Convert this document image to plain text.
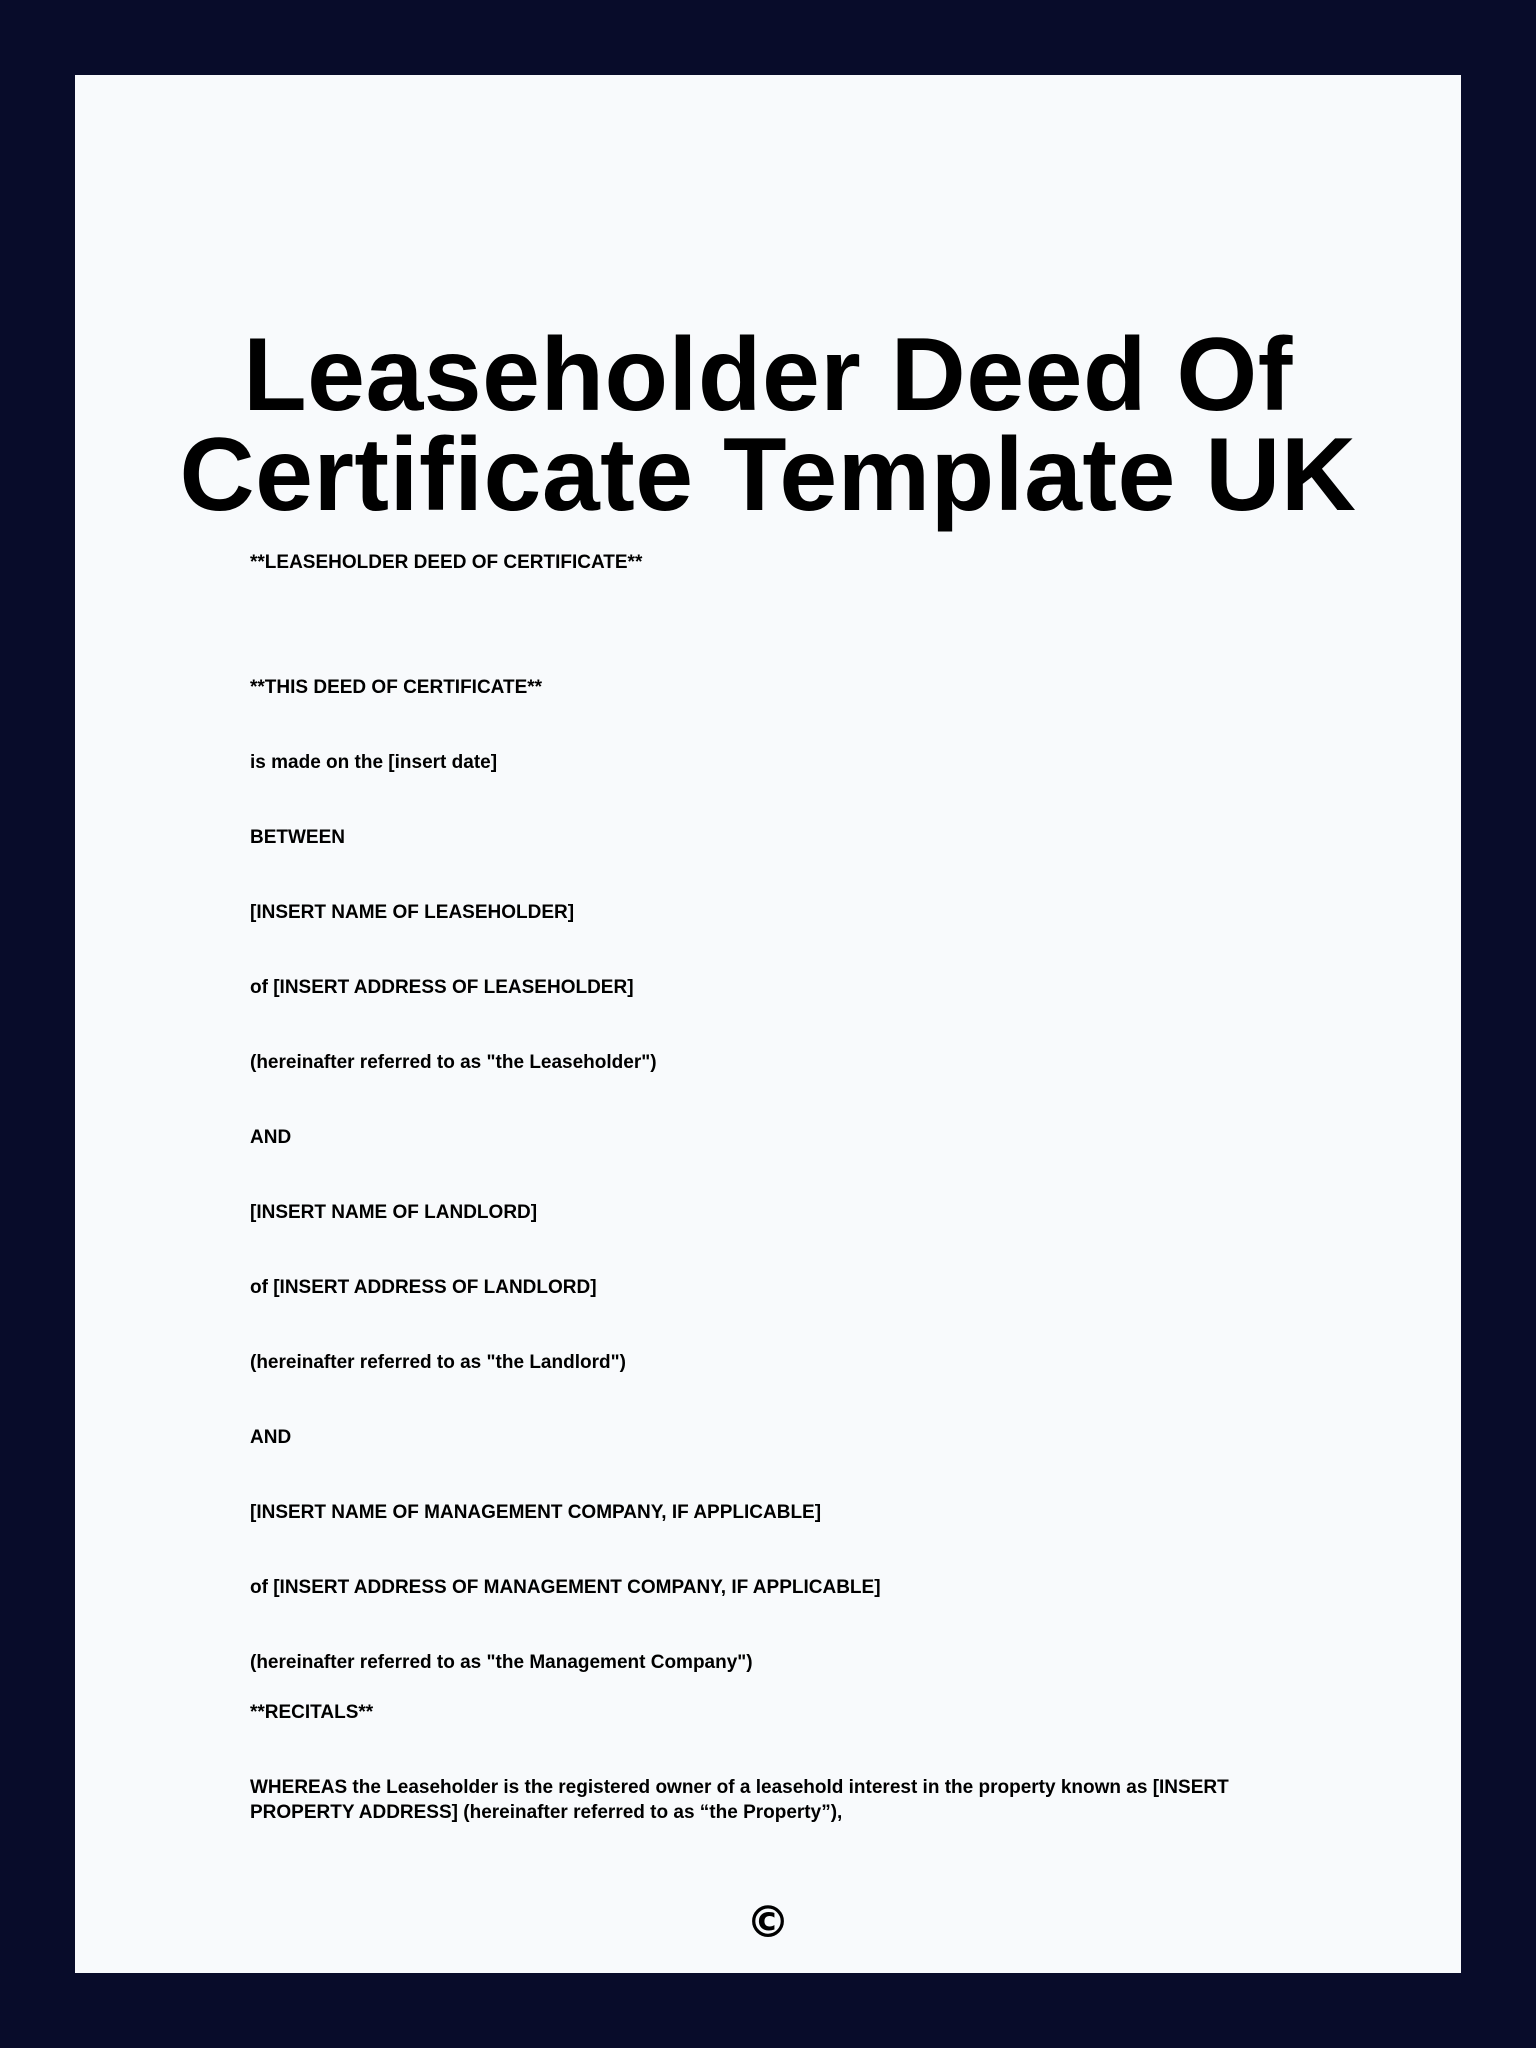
Leaseholder Deed Of
Certificate Template UK

**LEASEHOLDER DEED OF CERTIFICATE**

**THIS DEED OF CERTIFICATE**

is made on the [insert date]

BETWEEN

[INSERT NAME OF LEASEHOLDER]

of [INSERT ADDRESS OF LEASEHOLDER]

(hereinafter referred to as "the Leaseholder")

AND

[INSERT NAME OF LANDLORD]

of [INSERT ADDRESS OF LANDLORD]

(hereinafter referred to as "the Landlord")

AND

[INSERT NAME OF MANAGEMENT COMPANY, IF APPLICABLE]

of [INSERT ADDRESS OF MANAGEMENT COMPANY, IF APPLICABLE]

(hereinafter referred to as "the Management Company")

**RECITALS**

WHEREAS the Leaseholder is the registered owner of a leasehold interest in the property known as [INSERT PROPERTY ADDRESS] (hereinafter referred to as “the Property”),

©
